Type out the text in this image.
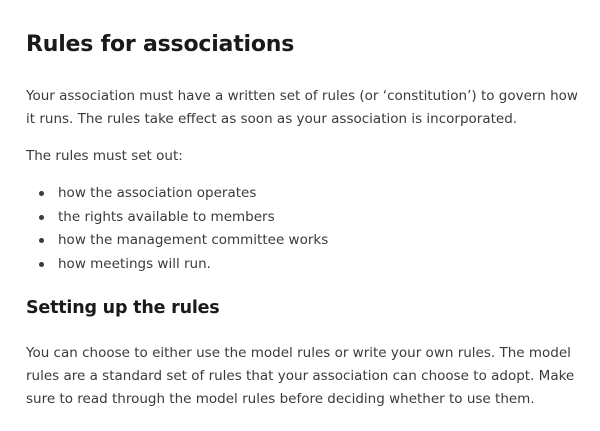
Rules for associations

Your association must have a written set of rules (or ‘constitution’) to govern how it runs. The rules take effect as soon as your association is incorporated.

The rules must set out:

how the association operates
the rights available to members
how the management committee works
how meetings will run.
Setting up the rules

You can choose to either use the model rules or write your own rules. The model rules are a standard set of rules that your association can choose to adopt. Make sure to read through the model rules before deciding whether to use them.
